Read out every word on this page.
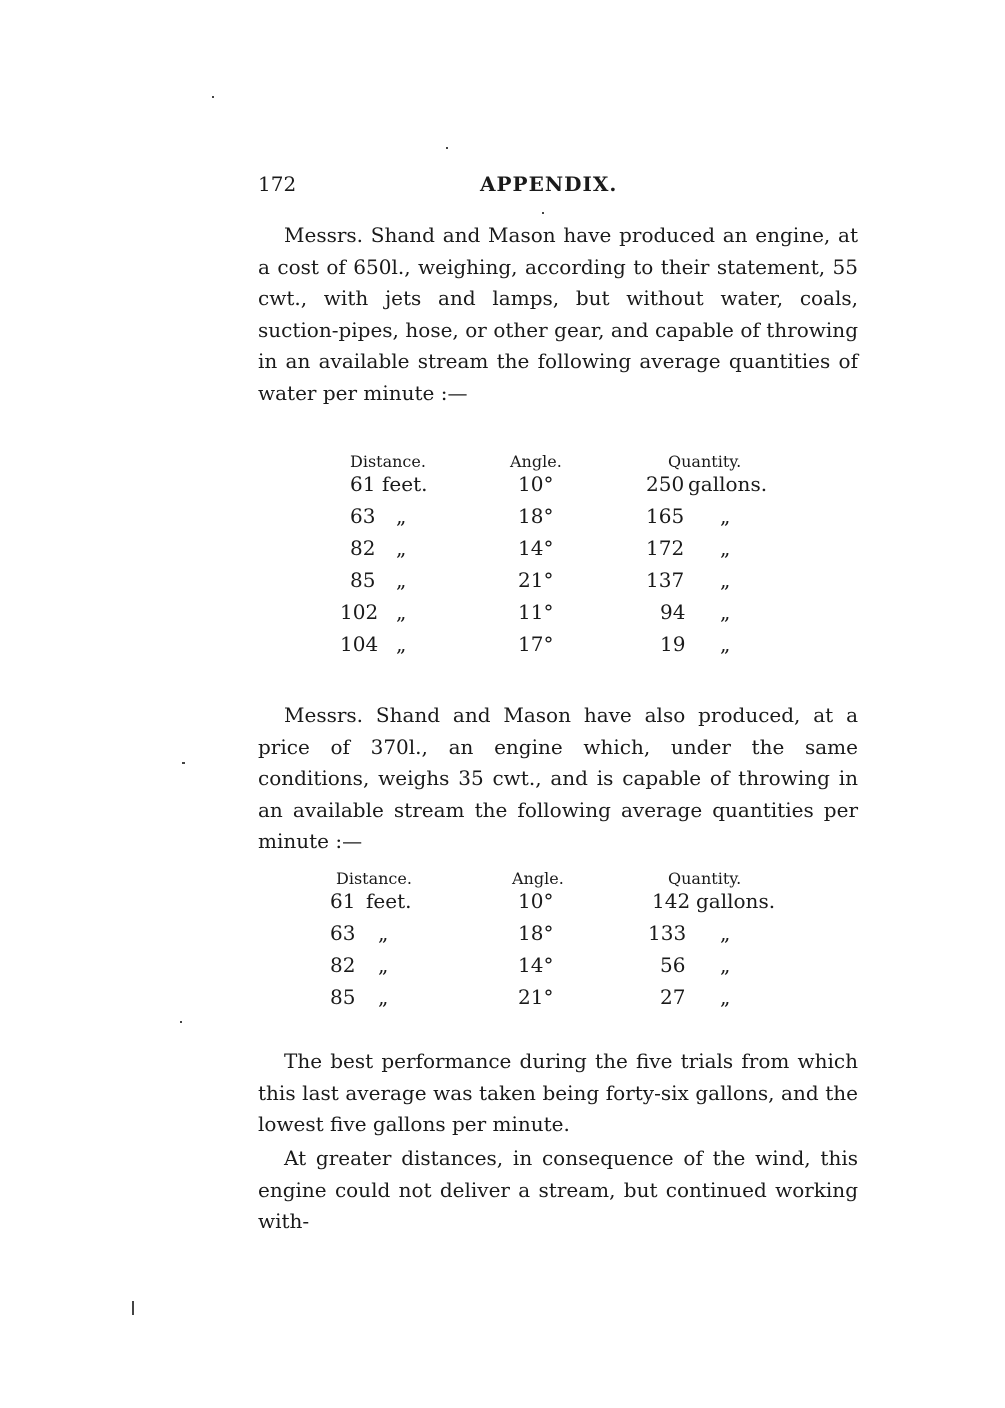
172	APPENDIX.

Messrs. Shand and Mason have produced an engine, at a cost of 650l., weighing, according to their statement, 55 cwt., with jets and lamps, but without water, coals, suction-pipes, hose, or other gear, and capable of throwing in an available stream the following average quantities of water per minute :—

Distance.	Angle.	Quantity.
61 feet.	10°	250 gallons.
63 „	18°	165 „
82 „	14°	172 „
85 „	21°	137 „
102 „	11°	94 „
104 „	17°	19 „

Messrs. Shand and Mason have also produced, at a price of 370l., an engine which, under the same conditions, weighs 35 cwt., and is capable of throwing in an available stream the following average quantities per minute :—

Distance.	Angle.	Quantity.
61 feet.	10°	142 gallons.
63 „	18°	133 „
82 „	14°	56 „
85 „	21°	27 „

The best performance during the five trials from which this last average was taken being forty-six gallons, and the lowest five gallons per minute.

At greater distances, in consequence of the wind, this engine could not deliver a stream, but continued working with-
